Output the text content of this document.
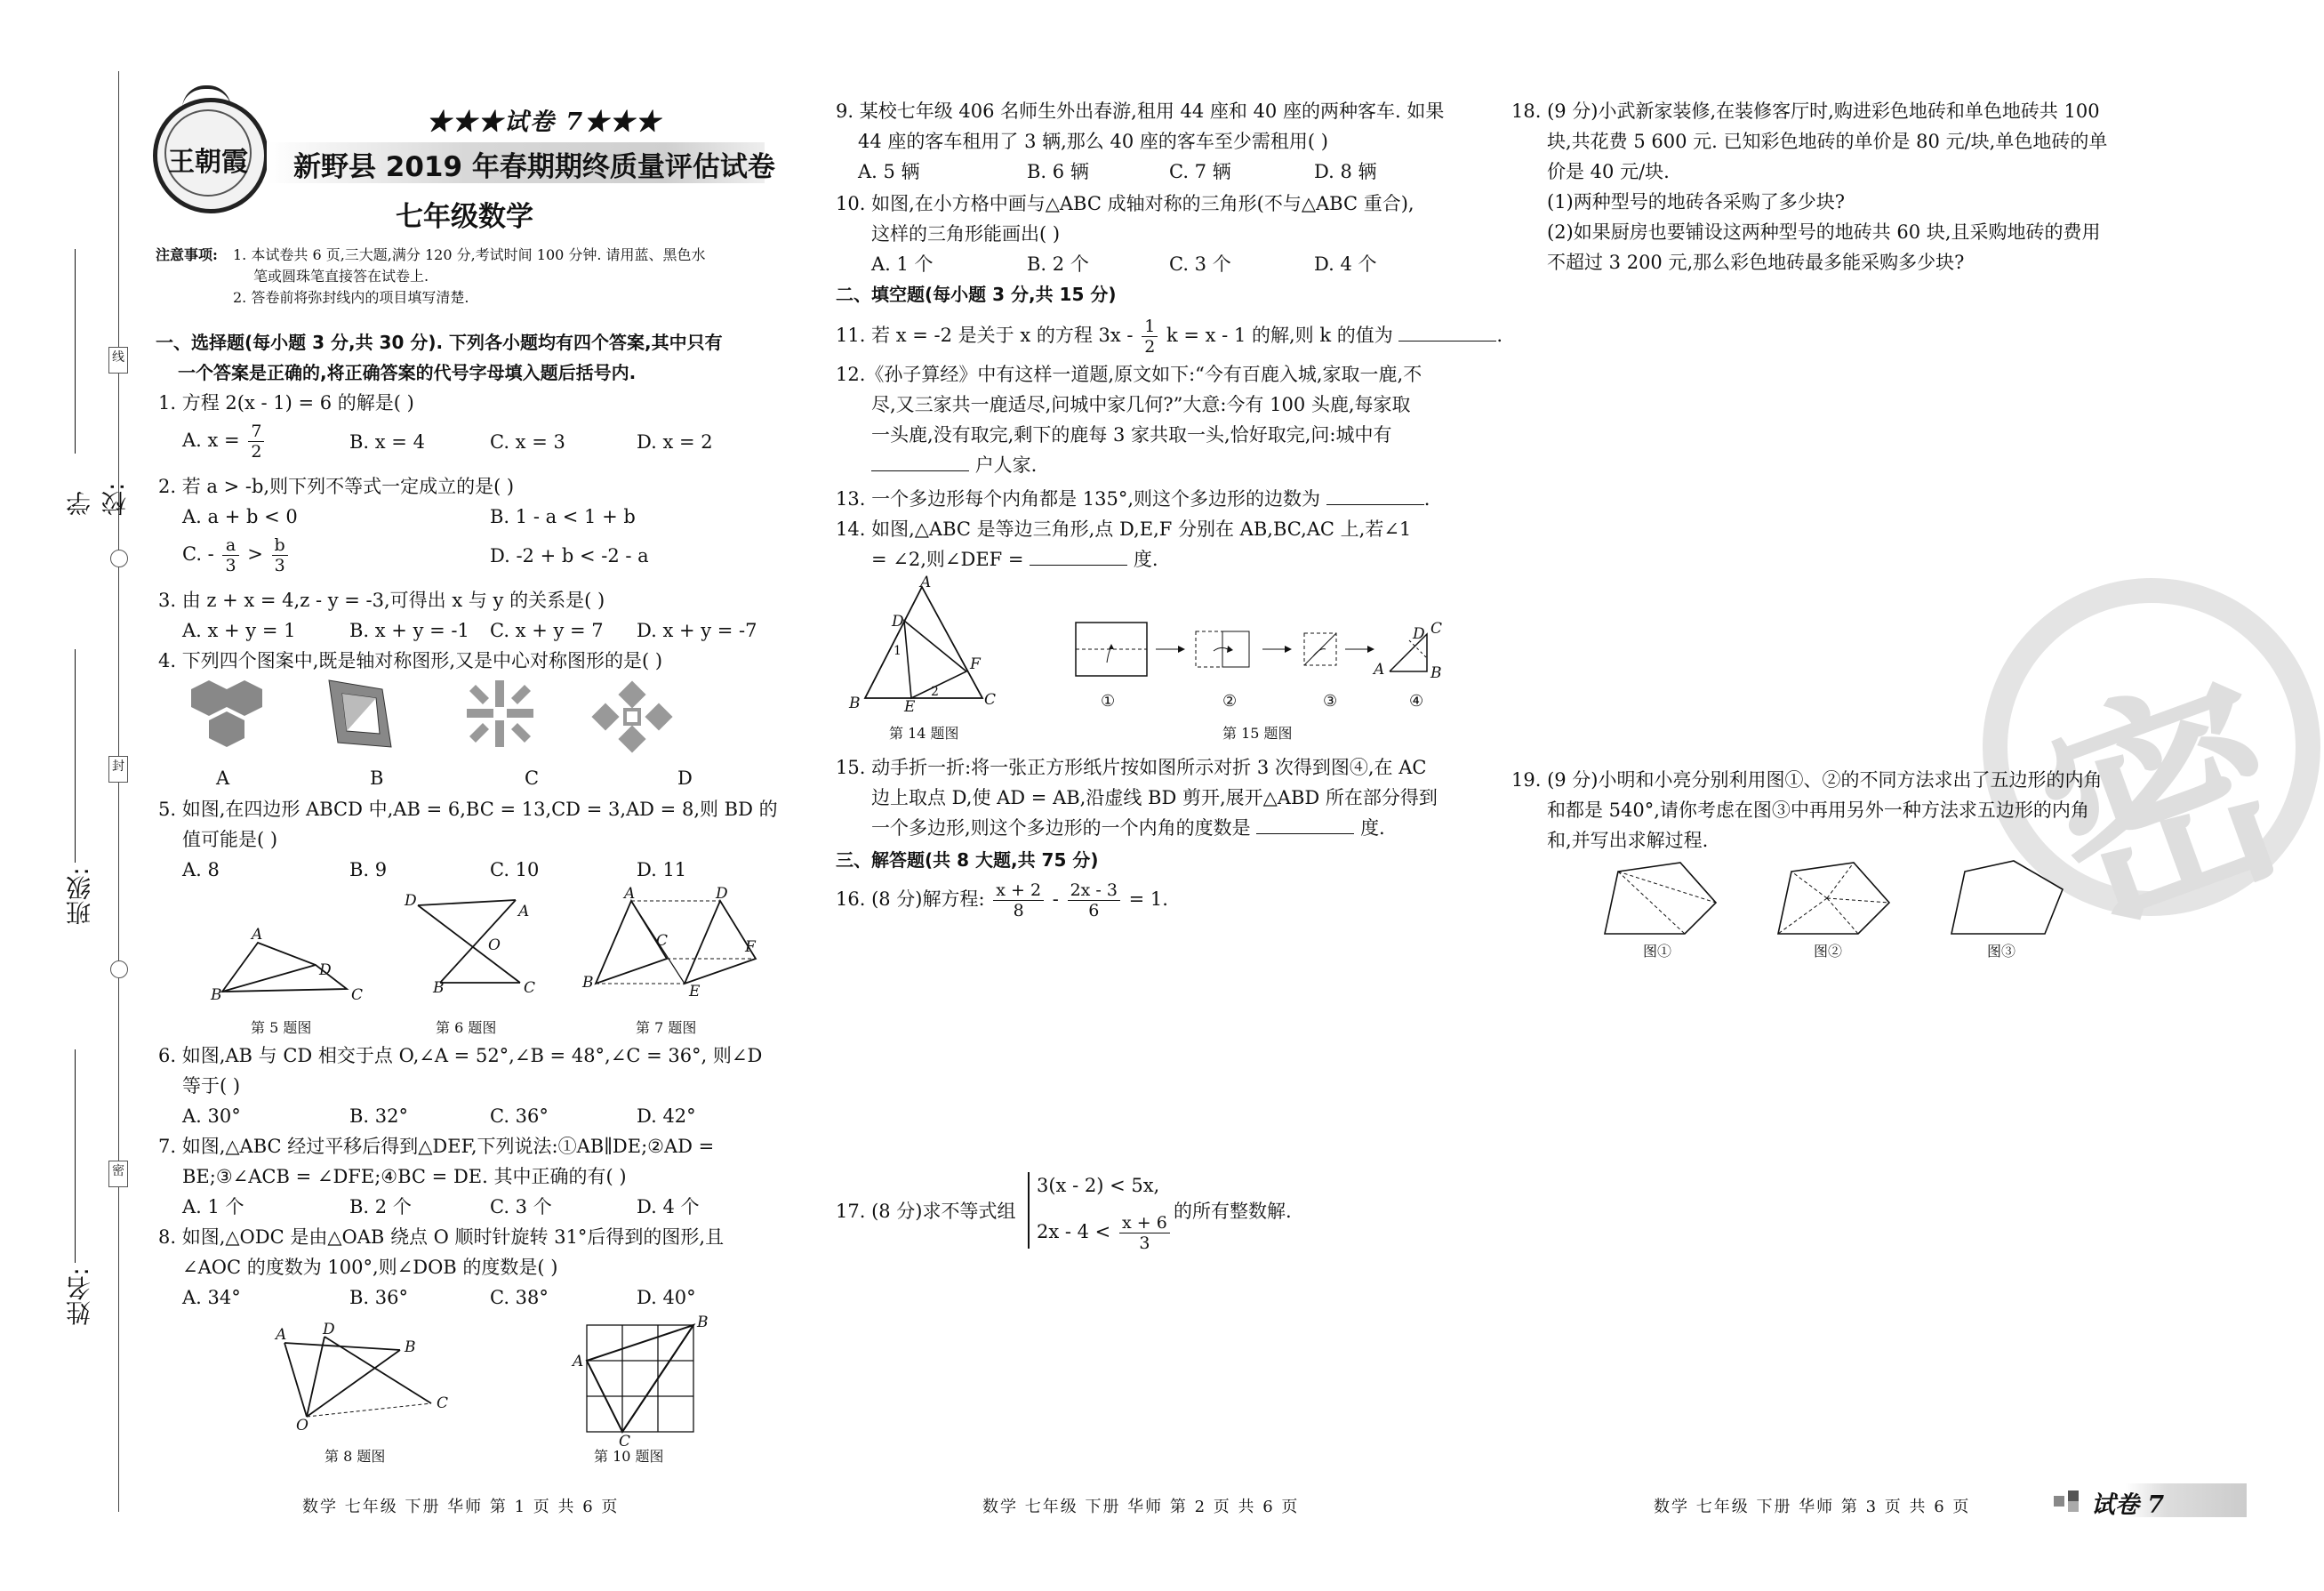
线
封
密
学校:
班级:
姓名:
王朝霞
★★★试卷 7★★★
新野县 2019 年春期期终质量评估试卷
七年级数学
注意事项: 1. 本试卷共 6 页,三大题,满分 120 分,考试时间 100 分钟. 请用蓝、黑色水
笔或圆珠笔直接答在试卷上.
2. 答卷前将弥封线内的项目填写清楚.
一、选择题(每小题 3 分,共 30 分). 下列各小题均有四个答案,其中只有
一个答案是正确的,将正确答案的代号字母填入题后括号内.
1. 方程 2(x - 1) = 6 的解是( )
A. $x = \frac{7}{2}$	B. x = 4	C. x = 3	D. x = 2
2. 若 a > -b,则下列不等式一定成立的是( )
A. a + b < 0	B. 1 - a < 1 + b
C. - $\frac{a}{3} > \frac{b}{3}$	D. -2 + b < -2 - a
3. 由 z + x = 4,z - y = -3,可得出 x 与 y 的关系是( )
A. x + y = 1	B. x + y = -1 C. x + y = 7 D. x + y = -7
4. 下列四个图案中,既是轴对称图形,又是中心对称图形的是( )
A	B	C	D
5. 如图,在四边形 ABCD 中,AB = 6,BC = 13,CD = 3,AD = 8,则 BD 的
值可能是( )
A. 8	B. 9	C. 10	D. 11
A
B	C
D
D
A
O
B	C
A	D
C	F
B	E
第 5 题图	第 6 题图	第 7 题图
6. 如图,AB 与 CD 相交于点 O,∠A = 52°,∠B = 48°,∠C = 36°, 则∠D
等于( )
A. 30°	B. 32°	C. 36°	D. 42°
7. 如图,△ABC 经过平移后得到△DEF,下列说法:①AB∥DE;②AD =
BE;③∠ACB = ∠DFE;④BC = DE. 其中正确的有( )
A. 1 个	B. 2 个	C. 3 个	D. 4 个
8. 如图,△ODC 是由△OAB 绕点 O 顺时针旋转 31°后得到的图形,且
∠AOC 的度数为 100°,则∠DOB 的度数是( )
A. 34°	B. 36°	C. 38°	D. 40°
A D
B
C
O
A
B
C
第 8 题图	第 10 题图
数学 七年级 下册 华师 第 1 页 共 6 页
9. 某校七年级 406 名师生外出春游,租用 44 座和 40 座的两种客车. 如果
44 座的客车租用了 3 辆,那么 40 座的客车至少需租用( )
A. 5 辆	B. 6 辆	C. 7 辆	D. 8 辆
10. 如图,在小方格中画与△ABC 成轴对称的三角形(不与△ABC 重合),
这样的三角形能画出( )
A. 1 个	B. 2 个	C. 3 个	D. 4 个
二、填空题(每小题 3 分,共 15 分)
11. 若 x = -2 是关于 x 的方程 $3x - \frac{1}{2}$ k = x - 1 的解,则 k 的值为	.
12.《孙子算经》中有这样一道题,原文如下:“今有百鹿入城,家取一鹿,不
尽,又三家共一鹿适尽,问城中家几何?”大意:今有 100 头鹿,每家取
一头鹿,没有取完,剩下的鹿每 3 家共取一头,恰好取完,问:城中有
户人家.
13. 一个多边形每个内角都是 135°,则这个多边形的边数为	.
14. 如图,△ABC 是等边三角形,点 D,E,F 分别在 AB,BC,AC 上,若∠1
= ∠2,则∠DEF =	度.
A
D
B	E
F
C
1
2
第 14 题图
A	B
D C
①	②	③	④
第 15 题图
15. 动手折一折:将一张正方形纸片按如图所示对折 3 次得到图④,在 AC
边上取点 D,使 AD = AB,沿虚线 BD 剪开,展开△ABD 所在部分得到
一个多边形,则这个多边形的一个内角的度数是	度.
三、解答题(共 8 大题,共 75 分)
16. (8 分)解方程: $\frac{x + 2}{8} - \frac{2x - 3}{6} = 1$.
17. (8 分)求不等式组
3(x - 2) < 5x,
$2x - 4 < \frac{x + 6}{3}$
的所有整数解.
数学 七年级 下册 华师 第 2 页 共 6 页
密
18. (9 分)小武新家装修,在装修客厅时,购进彩色地砖和单色地砖共 100
块,共花费 5 600 元. 已知彩色地砖的单价是 80 元/块,单色地砖的单
价是 40 元/块.
(1)两种型号的地砖各采购了多少块?
(2)如果厨房也要铺设这两种型号的地砖共 60 块,且采购地砖的费用
不超过 3 200 元,那么彩色地砖最多能采购多少块?
19. (9 分)小明和小亮分别利用图①、②的不同方法求出了五边形的内角
和都是 540°,请你考虑在图③中再用另外一种方法求五边形的内角
和,并写出求解过程.
图①	图②	图③
数学 七年级 下册 华师 第 3 页 共 6 页	试卷 7
